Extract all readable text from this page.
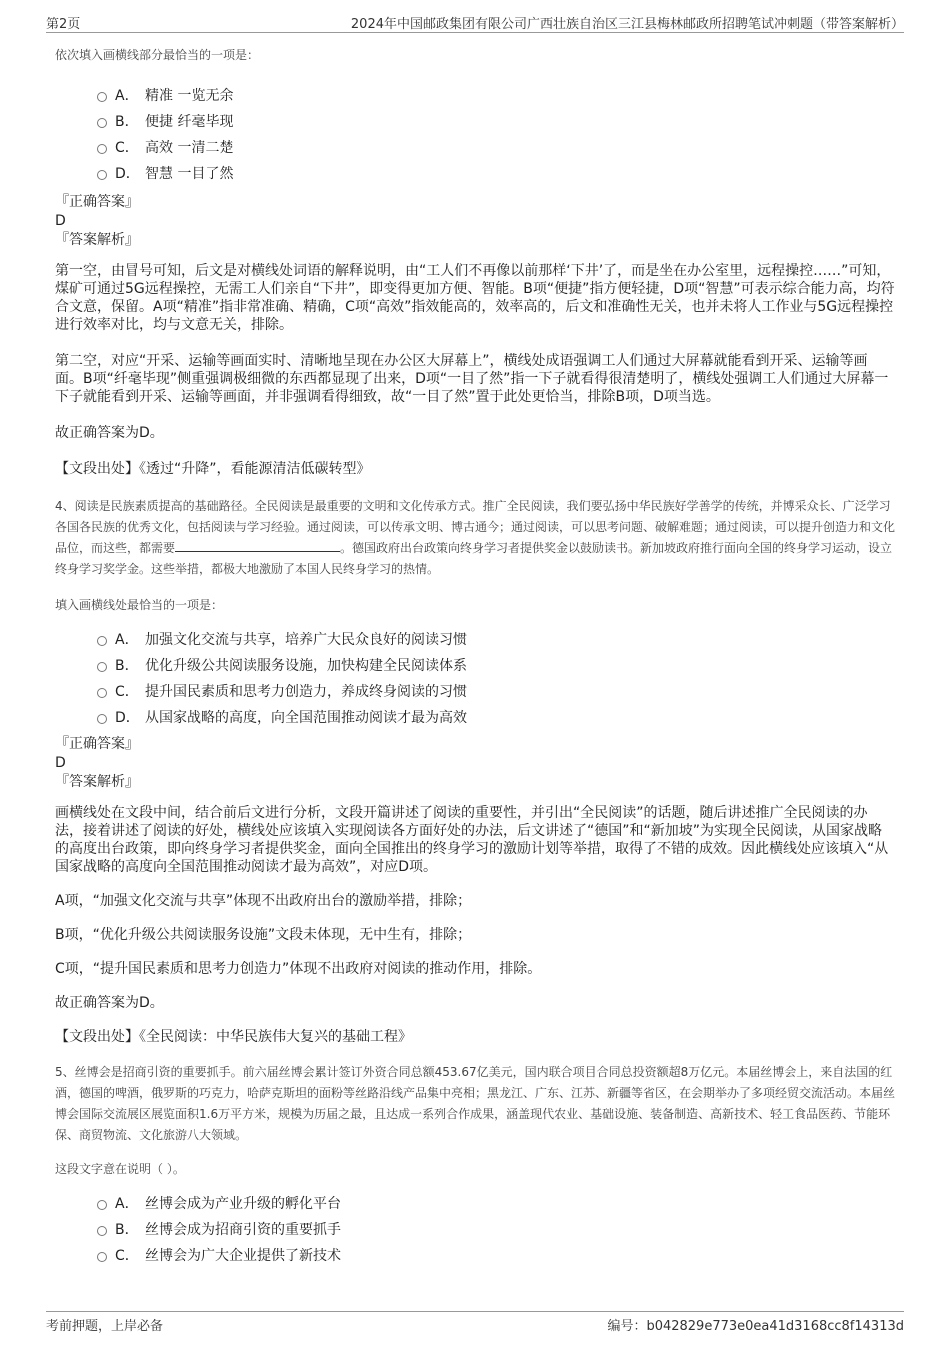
第2页	2024年中国邮政集团有限公司广西壮族自治区三江县梅林邮政所招聘笔试冲刺题（带答案解析）

依次填入画横线部分最恰当的一项是：

A． 精准 一览无余
B． 便捷 纤毫毕现
C． 高效 一清二楚
D． 智慧 一目了然

『正确答案』

D

『答案解析』

第一空，由冒号可知，后文是对横线处词语的解释说明，由“工人们不再像以前那样‘下井’了，而是坐在办公室里，远程操控……”可知，煤矿可通过5G远程操控，无需工人们亲自“下井”，即变得更加方便、智能。B项“便捷”指方便轻捷，D项“智慧”可表示综合能力高，均符合文意，保留。A项“精准”指非常准确、精确，C项“高效”指效能高的，效率高的，后文和准确性无关，也并未将人工作业与5G远程操控进行效率对比，均与文意无关，排除。

第二空，对应“开采、运输等画面实时、清晰地呈现在办公区大屏幕上”，横线处成语强调工人们通过大屏幕就能看到开采、运输等画面。B项“纤毫毕现”侧重强调极细微的东西都显现了出来，D项“一目了然”指一下子就看得很清楚明了，横线处强调工人们通过大屏幕一下子就能看到开采、运输等画面，并非强调看得细致，故“一目了然”置于此处更恰当，排除B项，D项当选。

故正确答案为D。

【文段出处】《透过“升降”，看能源清洁低碳转型》

4、阅读是民族素质提高的基础路径。全民阅读是最重要的文明和文化传承方式。推广全民阅读，我们要弘扬中华民族好学善学的传统，并博采众长、广泛学习各国各民族的优秀文化，包括阅读与学习经验。通过阅读，可以传承文明、博古通今；通过阅读，可以思考问题、破解难题；通过阅读，可以提升创造力和文化品位，而这些，都需要	。德国政府出台政策向终身学习者提供奖金以鼓励读书。新加坡政府推行面向全国的终身学习运动，设立终身学习奖学金。这些举措，都极大地激励了本国人民终身学习的热情。

填入画横线处最恰当的一项是：

A． 加强文化交流与共享，培养广大民众良好的阅读习惯
B． 优化升级公共阅读服务设施，加快构建全民阅读体系
C． 提升国民素质和思考力创造力，养成终身阅读的习惯
D． 从国家战略的高度，向全国范围推动阅读才最为高效

『正确答案』

D

『答案解析』

画横线处在文段中间，结合前后文进行分析，文段开篇讲述了阅读的重要性，并引出“全民阅读”的话题，随后讲述推广全民阅读的办法，接着讲述了阅读的好处，横线处应该填入实现阅读各方面好处的办法，后文讲述了“德国”和“新加坡”为实现全民阅读，从国家战略的高度出台政策，即向终身学习者提供奖金，面向全国推出的终身学习的激励计划等举措，取得了不错的成效。因此横线处应该填入“从国家战略的高度向全国范围推动阅读才最为高效”，对应D项。

A项，“加强文化交流与共享”体现不出政府出台的激励举措，排除；

B项，“优化升级公共阅读服务设施”文段未体现，无中生有，排除；

C项，“提升国民素质和思考力创造力”体现不出政府对阅读的推动作用，排除。

故正确答案为D。

【文段出处】《全民阅读：中华民族伟大复兴的基础工程》

5、丝博会是招商引资的重要抓手。前六届丝博会累计签订外资合同总额453.67亿美元，国内联合项目合同总投资额超8万亿元。本届丝博会上，来自法国的红酒，德国的啤酒，俄罗斯的巧克力，哈萨克斯坦的面粉等丝路沿线产品集中亮相；黑龙江、广东、江苏、新疆等省区，在会期举办了多项经贸交流活动。本届丝博会国际交流展区展览面积1.6万平方米，规模为历届之最，且达成一系列合作成果，涵盖现代农业、基础设施、装备制造、高新技术、轻工食品医药、节能环保、商贸物流、文化旅游八大领域。

这段文字意在说明（ ）。

A． 丝博会成为产业升级的孵化平台
B． 丝博会成为招商引资的重要抓手
C． 丝博会为广大企业提供了新技术
考前押题，上岸必备	编号：b042829e773e0ea41d3168cc8f14313d
